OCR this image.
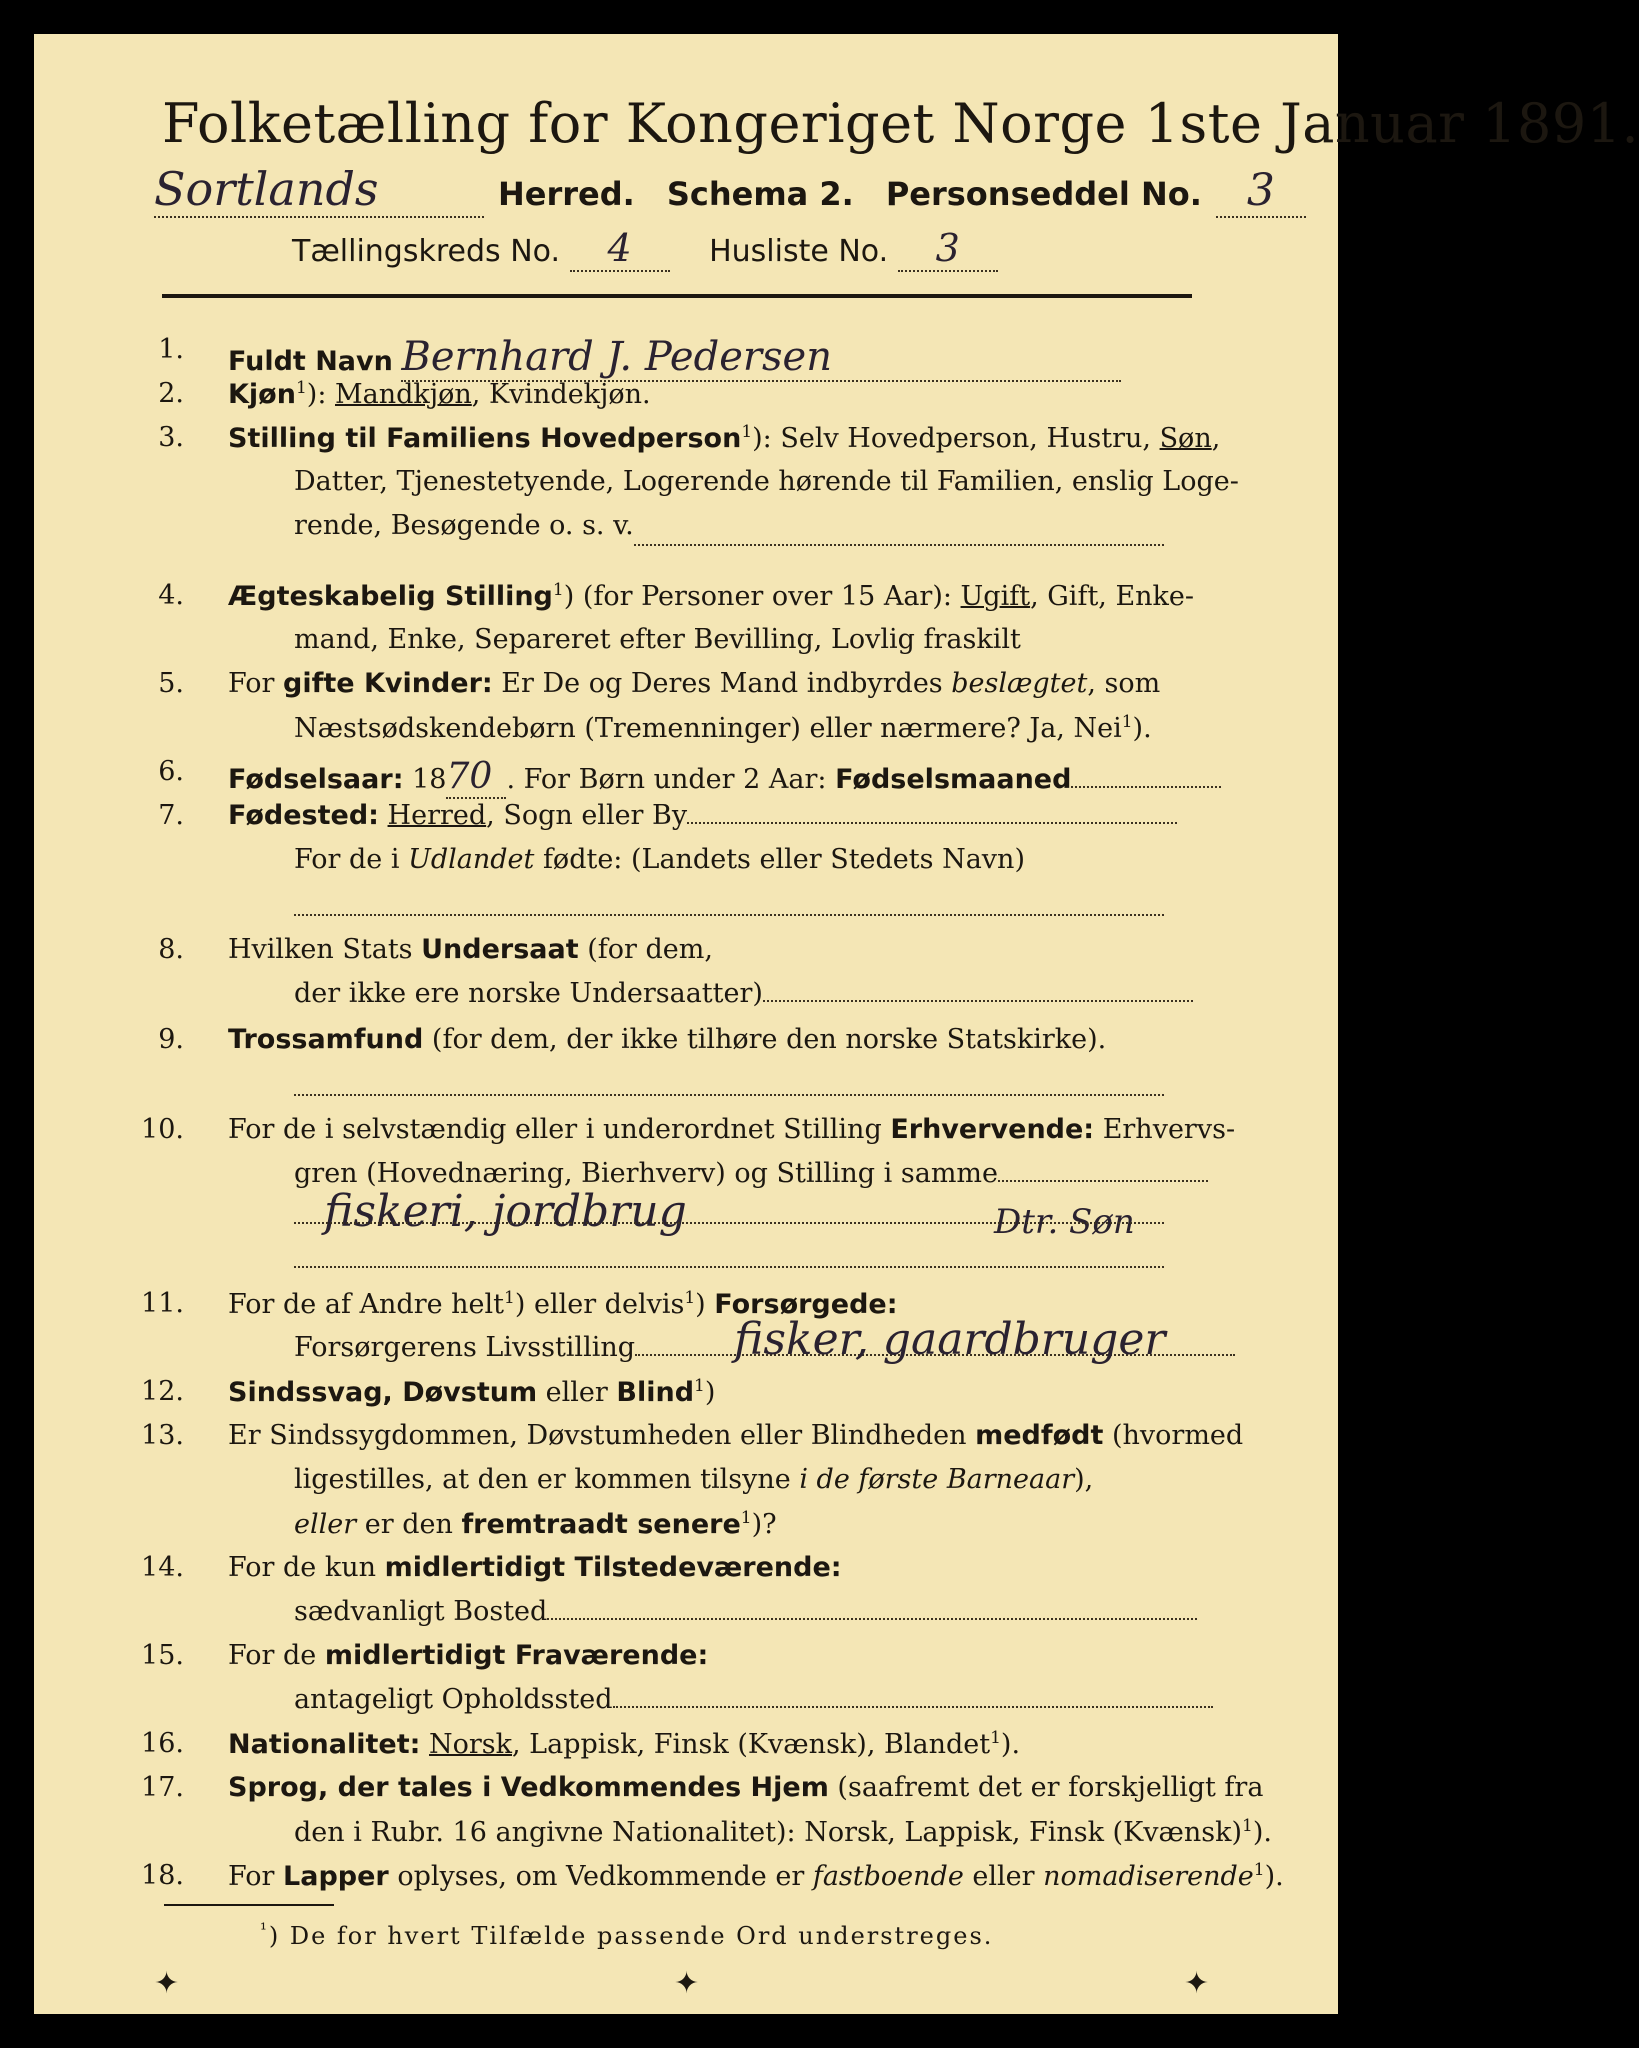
Folketælling for Kongeriget Norge 1ste Januar 1891.
Sortlands	Herred. Schema 2. Personseddel No. 3
Tællingskreds No. 4	Husliste No. 3
1. Fuldt Navn Bernhard J. Pedersen
2. Kjøn$^1$): Mandkjøn, Kvindekjøn.
3. Stilling til Familiens Hovedperson$^1$): Selv Hovedperson, Hustru, Søn,
Datter, Tjenestetyende, Logerende hørende til Familien, enslig Loge-
rende, Besøgende o. s. v.
4. Ægteskabelig Stilling$^1$) (for Personer over 15 Aar): Ugift, Gift, Enke-
mand, Enke, Separeret efter Bevilling, Lovlig fraskilt
5. For gifte Kvinder: Er De og Deres Mand indbyrdes beslægtet, som
Næstsødskendebørn (Tremenninger) eller nærmere? Ja, Nei$^1$).
6. Fødselsaar: 1870 . For Børn under 2 Aar: Fødselsmaaned
7. Fødested: Herred, Sogn eller By
For de i Udlandet fødte: (Landets eller Stedets Navn)
8. Hvilken Stats Undersaat (for dem,
der ikke ere norske Undersaatter)
9. Trossamfund (for dem, der ikke tilhøre den norske Statskirke).
10. For de i selvstændig eller i underordnet Stilling Erhvervende: Erhvervs-
gren (Hovednæring, Bierhverv) og Stilling i samme
fiskeri, jordbrug	Dtr. Søn
11. For de af Andre helt$^1$) eller delvis$^1$) Forsørgede:
Forsørgerens Livsstilling	fisker, gaardbruger
12. Sindssvag, Døvstum eller Blind$^1$)
13. Er Sindssygdommen, Døvstumheden eller Blindheden medfødt (hvormed
ligestilles, at den er kommen tilsyne i de første Barneaar),
eller er den fremtraadt senere$^1$)?
14. For de kun midlertidigt Tilstedeværende:
sædvanligt Bosted
15. For de midlertidigt Fraværende:
antageligt Opholdssted
16. Nationalitet: Norsk, Lappisk, Finsk (Kvænsk), Blandet$^1$).
17. Sprog, der tales i Vedkommendes Hjem (saafremt det er forskjelligt fra
den i Rubr. 16 angivne Nationalitet): Norsk, Lappisk, Finsk (Kvænsk)$^1$).
18. For Lapper oplyses, om Vedkommende er fastboende eller nomadiserende$^1$).
$^{^1}$) De for hvert Tilfælde passende Ord understreges.
✦	✦	✦
